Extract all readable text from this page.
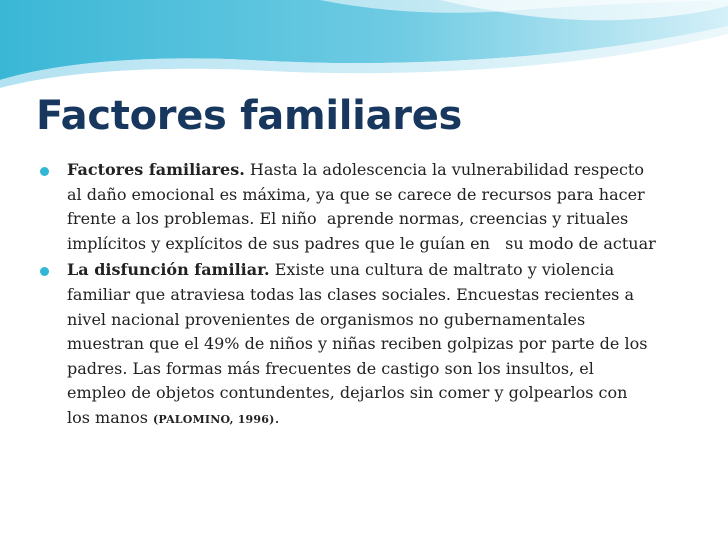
Factores familiares
Factores familiares. Hasta la adolescencia la vulnerabilidad respecto
al daño emocional es máxima, ya que se carece de recursos para hacer
frente a los problemas. El niño  aprende normas, creencias y rituales
implícitos y explícitos de sus padres que le guían en   su modo de actuar
La disfunción familiar. Existe una cultura de maltrato y violencia
familiar que atraviesa todas las clases sociales. Encuestas recientes a
nivel nacional provenientes de organismos no gubernamentales
muestran que el 49% de niños y niñas reciben golpizas por parte de los
padres. Las formas más frecuentes de castigo son los insultos, el
empleo de objetos contundentes, dejarlos sin comer y golpearlos con
los manos (PALOMINO, 1996).
